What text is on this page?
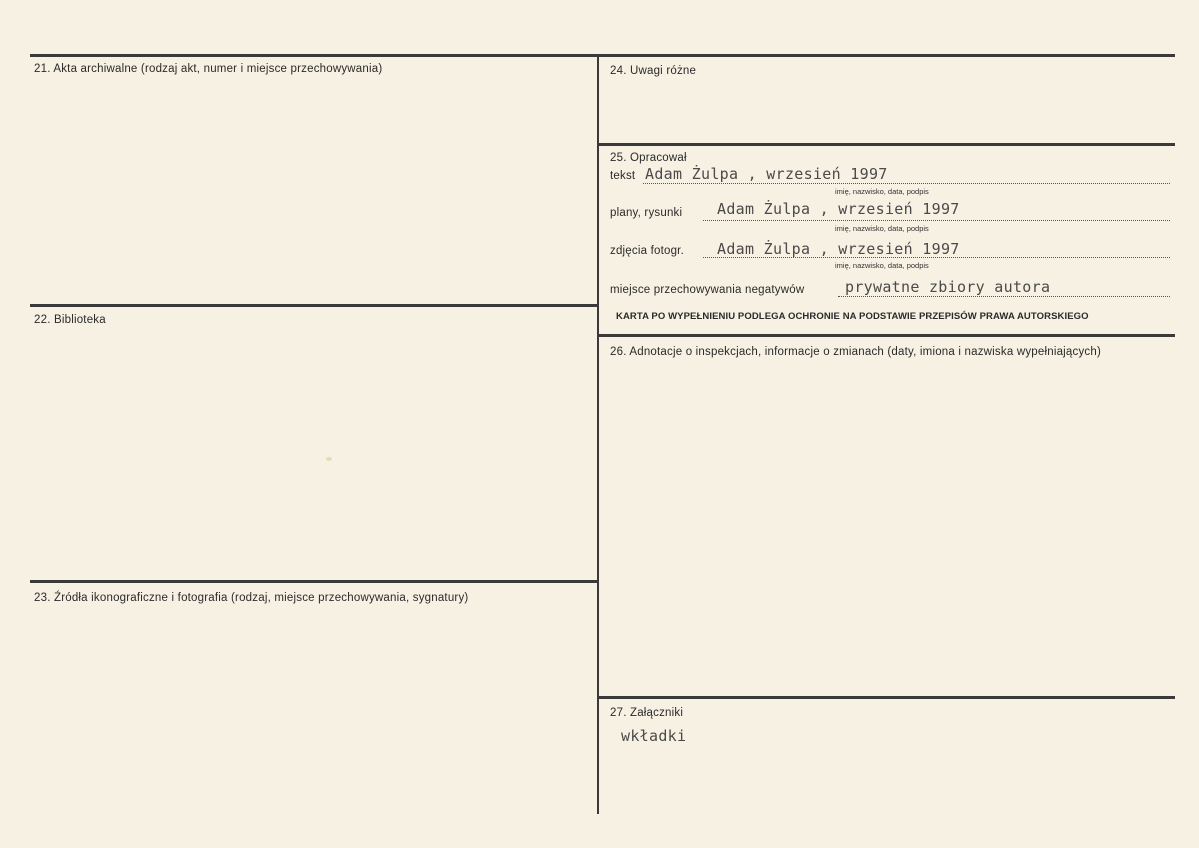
21. Akta archiwalne (rodzaj akt, numer i miejsce przechowywania)
22. Biblioteka
23. Źródła ikonograficzne i fotografia (rodzaj, miejsce przechowywania, sygnatury)
24. Uwagi różne
25. Opracował
tekst Adam Żulpa , wrzesień 1997
imię, nazwisko, data, podpis
plany, rysunki Adam Żulpa , wrzesień 1997
imię, nazwisko, data, podpis
zdjęcia fotogr. Adam Żulpa , wrzesień 1997
imię, nazwisko, data, podpis
miejsce przechowywania negatywów	prywatne zbiory autora
KARTA PO WYPEŁNIENIU PODLEGA OCHRONIE NA PODSTAWIE PRZEPISÓW PRAWA AUTORSKIEGO
26. Adnotacje o inspekcjach, informacje o zmianach (daty, imiona i nazwiska wypełniających)
27. Załączniki
wkładki
